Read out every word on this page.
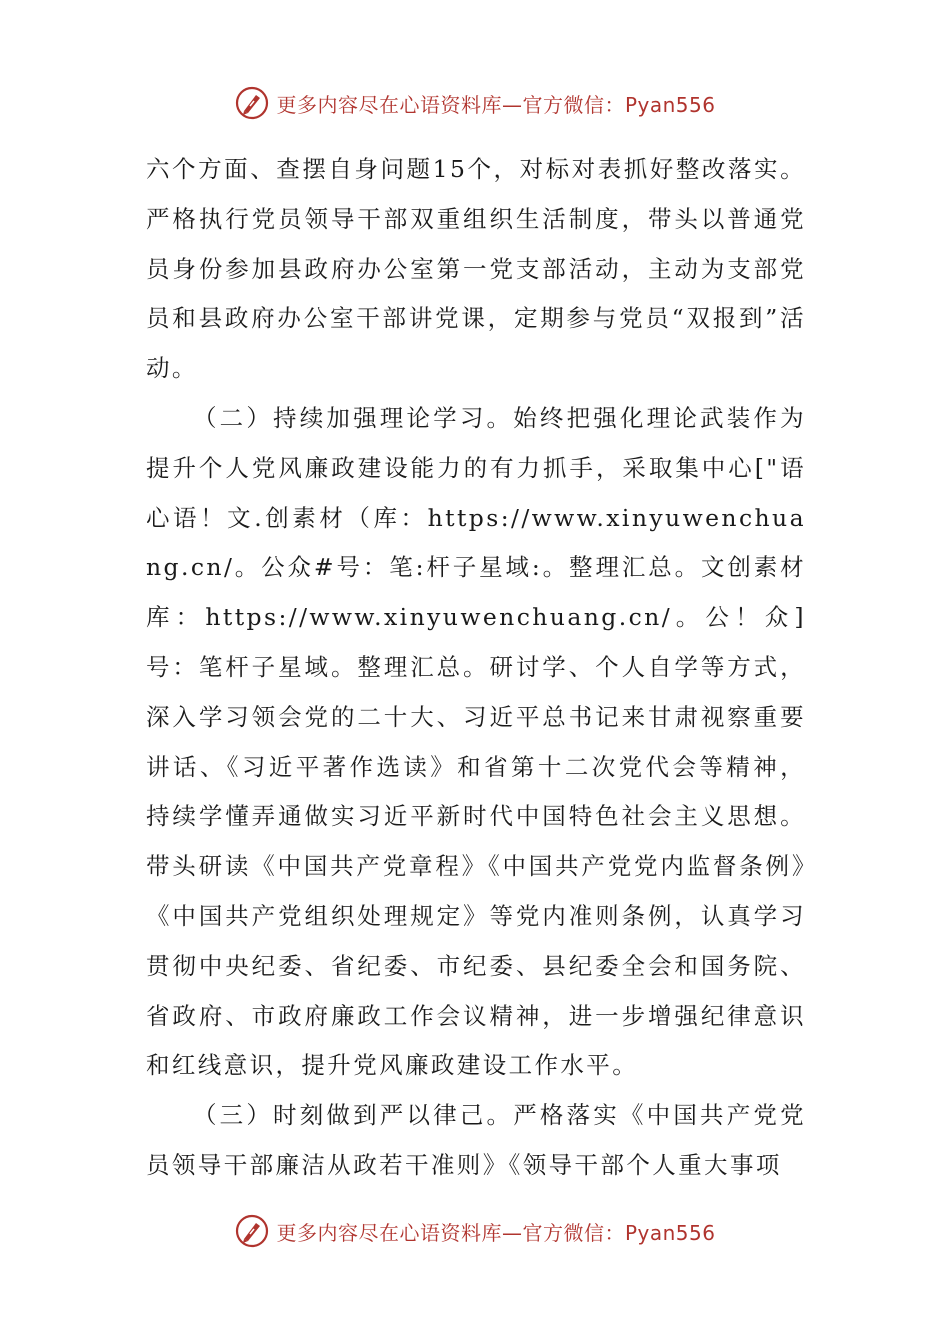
更多内容尽在心语资料库—官方微信：Pyan556

六个方面、查摆自身问题15个，对标对表抓好整改落实。严格执行党员领导干部双重组织生活制度，带头以普通党员身份参加县政府办公室第一党支部活动，主动为支部党员和县政府办公室干部讲党课，定期参与党员“双报到”活动。

（二）持续加强理论学习。始终把强化理论武装作为提升个人党风廉政建设能力的有力抓手，采取集中心["语心语！文.创素材（库：https://www.xinyuwenchuang.cn/。公众#号：笔:杆子星域:。整理汇总。文创素材库：https://www.xinyuwenchuang.cn/。公！众]号：笔杆子星域。整理汇总。研讨学、个人自学等方式，深入学习领会党的二十大、习近平总书记来甘肃视察重要讲话、《习近平著作选读》和省第十二次党代会等精神，持续学懂弄通做实习近平新时代中国特色社会主义思想。带头研读《中国共产党章程》《中国共产党党内监督条例》《中国共产党组织处理规定》等党内准则条例，认真学习贯彻中央纪委、省纪委、市纪委、县纪委全会和国务院、省政府、市政府廉政工作会议精神，进一步增强纪律意识和红线意识，提升党风廉政建设工作水平。

（三）时刻做到严以律己。严格落实《中国共产党党员领导干部廉洁从政若干准则》《领导干部个人重大事项

更多内容尽在心语资料库—官方微信：Pyan556
